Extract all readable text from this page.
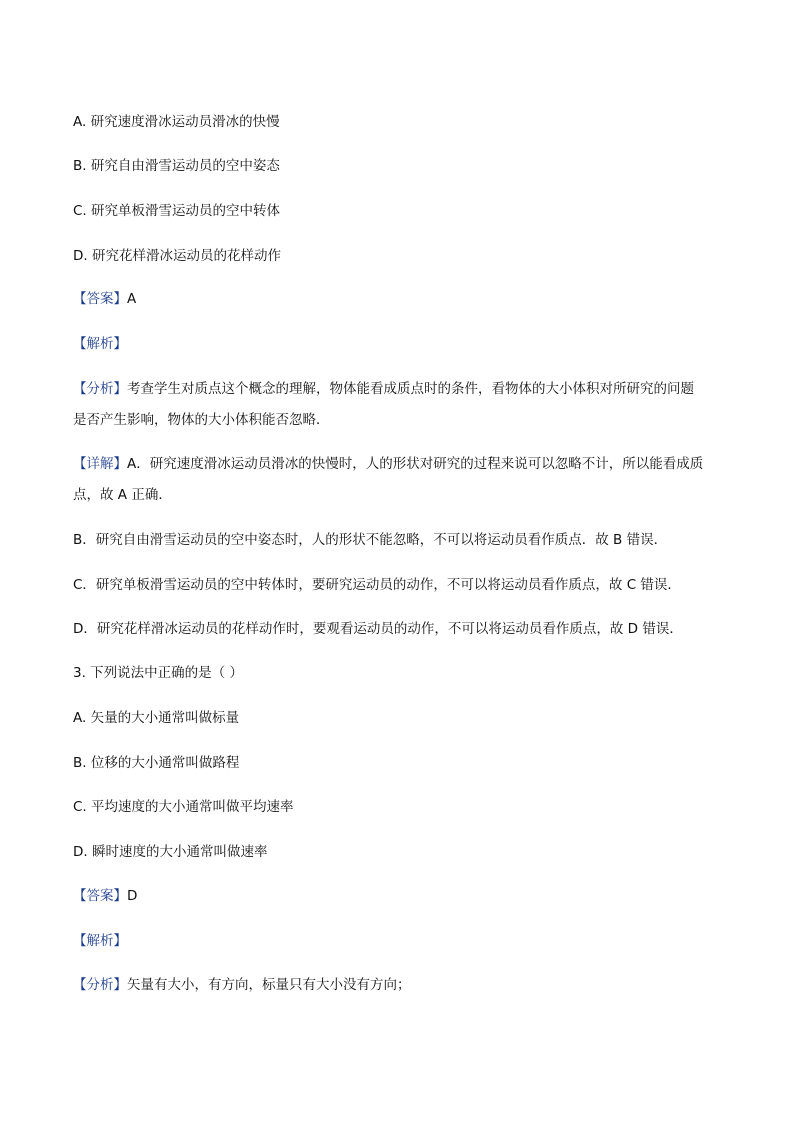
A. 研究速度滑冰运动员滑冰的快慢
B. 研究自由滑雪运动员的空中姿态
C. 研究单板滑雪运动员的空中转体
D. 研究花样滑冰运动员的花样动作
【答案】A
【解析】
【分析】考查学生对质点这个概念的理解，物体能看成质点时的条件，看物体的大小体积对所研究的问题
是否产生影响，物体的大小体积能否忽略．
【详解】A．研究速度滑冰运动员滑冰的快慢时，人的形状对研究的过程来说可以忽略不计，所以能看成质
点，故 A 正确．
B．研究自由滑雪运动员的空中姿态时，人的形状不能忽略，不可以将运动员看作质点．故 B 错误．
C．研究单板滑雪运动员的空中转体时，要研究运动员的动作，不可以将运动员看作质点，故 C 错误．
D．研究花样滑冰运动员的花样动作时，要观看运动员的动作，不可以将运动员看作质点，故 D 错误．
3. 下列说法中正确的是（ ）
A. 矢量的大小通常叫做标量
B. 位移的大小通常叫做路程
C. 平均速度的大小通常叫做平均速率
D. 瞬时速度的大小通常叫做速率
【答案】D
【解析】
【分析】矢量有大小，有方向，标量只有大小没有方向；
